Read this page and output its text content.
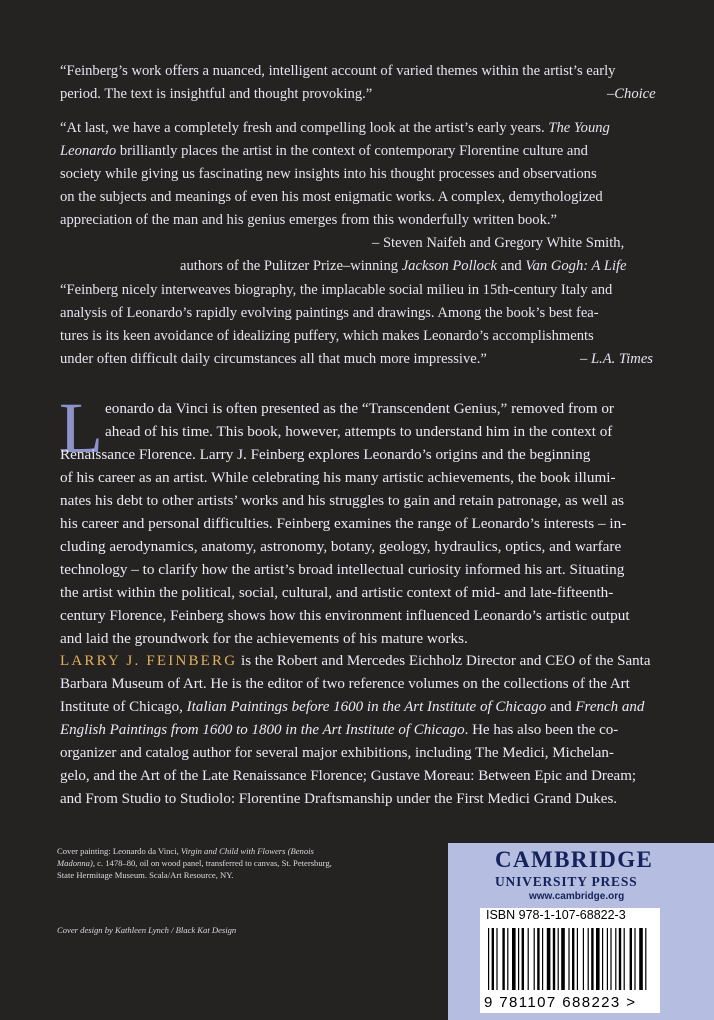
“Feinberg’s work offers a nuanced, intelligent account of varied themes within the artist’s early
period. The text is insightful and thought provoking.”	–Choice
“At last, we have a completely fresh and compelling look at the artist’s early years. The Young
Leonardo brilliantly places the artist in the context of contemporary Florentine culture and
society while giving us fascinating new insights into his thought processes and observations
on the subjects and meanings of even his most enigmatic works. A complex, demythologized
appreciation of the man and his genius emerges from this wonderfully written book.”
– Steven Naifeh and Gregory White Smith,
authors of the Pulitzer Prize–winning Jackson Pollock and Van Gogh: A Life
“Feinberg nicely interweaves biography, the implacable social milieu in 15th-century Italy and
analysis of Leonardo’s rapidly evolving paintings and drawings. Among the book’s best fea-
tures is its keen avoidance of idealizing puffery, which makes Leonardo’s accomplishments
under often difficult daily circumstances all that much more impressive.”	– L.A. Times
L eonardo da Vinci is often presented as the “Transcendent Genius,” removed from or
ahead of his time. This book, however, attempts to understand him in the context of
Renaissance Florence. Larry J. Feinberg explores Leonardo’s origins and the beginning
of his career as an artist. While celebrating his many artistic achievements, the book illumi-
nates his debt to other artists’ works and his struggles to gain and retain patronage, as well as
his career and personal difficulties. Feinberg examines the range of Leonardo’s interests – in-
cluding aerodynamics, anatomy, astronomy, botany, geology, hydraulics, optics, and warfare
technology – to clarify how the artist’s broad intellectual curiosity informed his art. Situating
the artist within the political, social, cultural, and artistic context of mid- and late-fifteenth-
century Florence, Feinberg shows how this environment influenced Leonardo’s artistic output
and laid the groundwork for the achievements of his mature works.
LARRY J. FEINBERG is the Robert and Mercedes Eichholz Director and CEO of the Santa
Barbara Museum of Art. He is the editor of two reference volumes on the collections of the Art
Institute of Chicago, Italian Paintings before 1600 in the Art Institute of Chicago and French and
English Paintings from 1600 to 1800 in the Art Institute of Chicago. He has also been the co-
organizer and catalog author for several major exhibitions, including The Medici, Michelan-
gelo, and the Art of the Late Renaissance Florence; Gustave Moreau: Between Epic and Dream;
and From Studio to Studiolo: Florentine Draftsmanship under the First Medici Grand Dukes.
Cover painting: Leonardo da Vinci, Virgin and Child with Flowers (Benois
Madonna), c. 1478–80, oil on wood panel, transferred to canvas, St. Petersburg,
State Hermitage Museum. Scala/Art Resource, NY.
Cover design by Kathleen Lynch / Black Kat Design
CAMBRIDGE
UNIVERSITY PRESS
www.cambridge.org
ISBN 978-1-107-68822-3
9 781107 688223 >
